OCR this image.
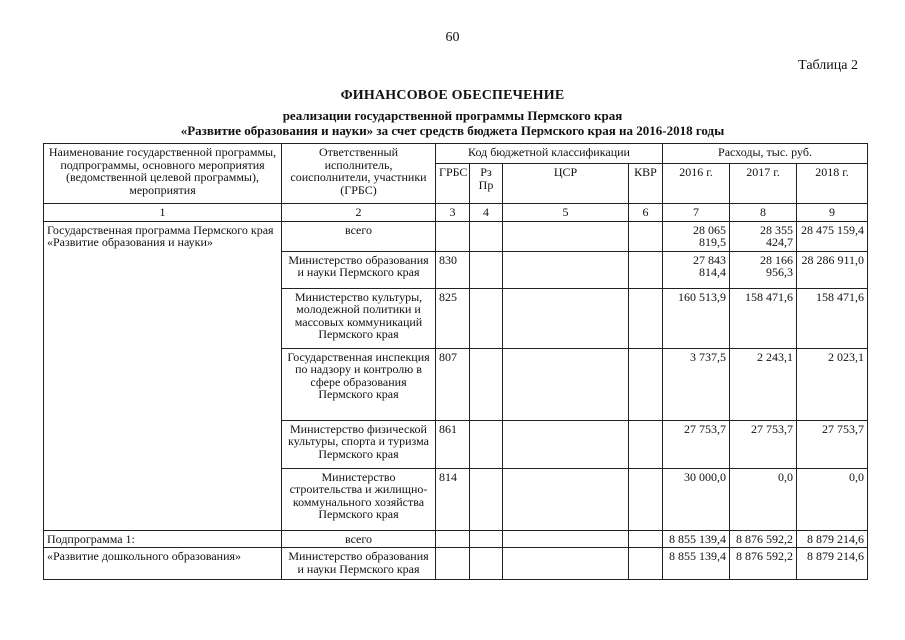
60
Таблица 2
ФИНАНСОВОЕ ОБЕСПЕЧЕНИЕ
реализации государственной программы Пермского края
«Развитие образования и науки» за счет средств бюджета Пермского края на 2016-2018 годы
Наименование государственной программы, подпрограммы, основного мероприятия (ведомственной целевой программы), мероприятия	Ответственный исполнитель, соисполнители, участники (ГРБС)	Код бюджетной классификации				Расходы, тыс. руб.		
		ГРБС	Рз Пр	ЦСР	КВР	2016 г.	2017 г.	2018 г.
1	2	3	4	5	6	7	8	9
Государственная программа Пермского края «Развитие образования и науки»	всего					28 065 819,5	28 355 424,7	28 475 159,4
	Министерство образования и науки Пермского края	830				27 843 814,4	28 166 956,3	28 286 911,0
	Министерство культуры, молодежной политики и массовых коммуникаций Пермского края	825				160 513,9	158 471,6	158 471,6
	Государственная инспекция по надзору и контролю в сфере образования Пермского края	807				3 737,5	2 243,1	2 023,1
	Министерство физической культуры, спорта и туризма Пермского края	861				27 753,7	27 753,7	27 753,7
	Министерство строительства и жилищно-коммунального хозяйства Пермского края	814				30 000,0	0,0	0,0
Подпрограмма 1:	всего					8 855 139,4	8 876 592,2	8 879 214,6
«Развитие дошкольного образования»	Министерство образования и науки Пермского края					8 855 139,4	8 876 592,2	8 879 214,6
